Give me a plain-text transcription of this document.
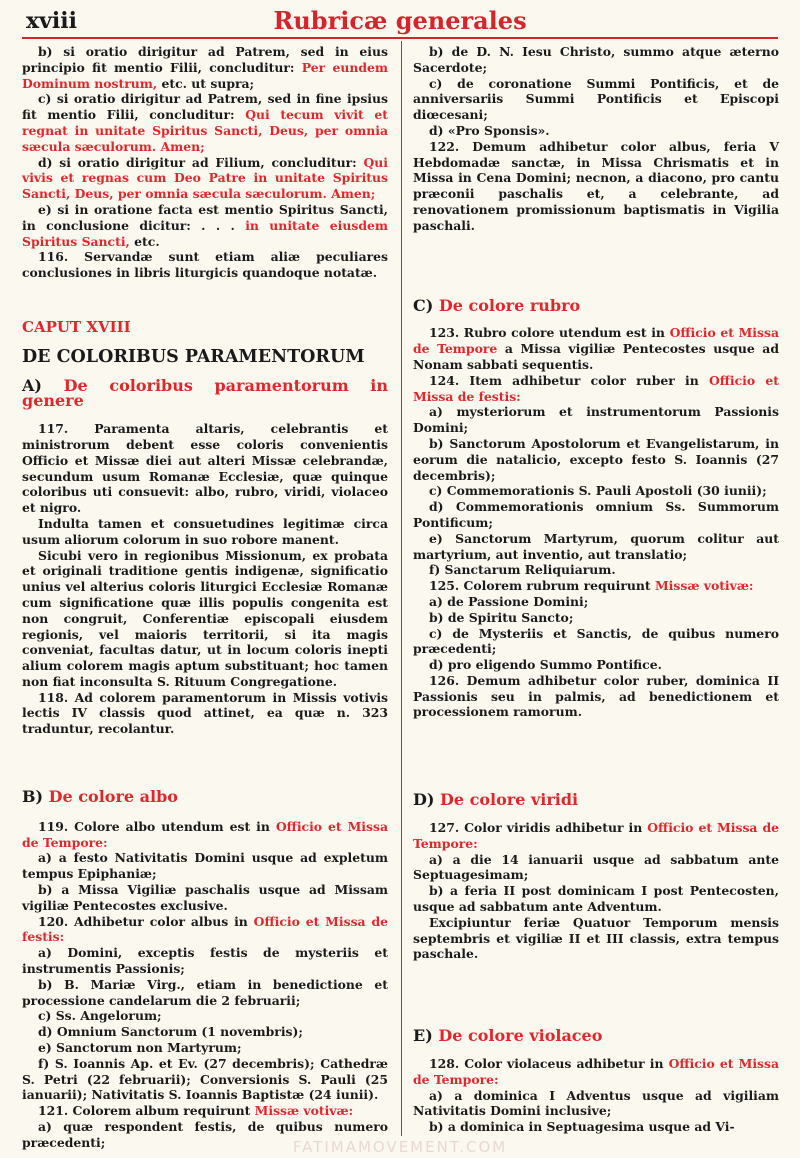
xviii	Rubricæ generales

b) si oratio dirigitur ad Patrem, sed in eius principio fit mentio Filii, concluditur: Per eundem Dominum nostrum, etc. ut supra;

c) si oratio dirigitur ad Patrem, sed in fine ipsius fit mentio Filii, concluditur: Qui tecum vivit et regnat in unitate Spiritus Sancti, Deus, per omnia sæcula sæculorum. Amen;

d) si oratio dirigitur ad Filium, concluditur: Qui vivis et regnas cum Deo Patre in unitate Spiritus Sancti, Deus, per omnia sæcula sæculorum. Amen;

e) si in oratione facta est mentio Spiritus Sancti, in conclusione dicitur: . . . in unitate eiusdem Spiritus Sancti, etc.

116. Servandæ sunt etiam aliæ peculiares conclusiones in libris liturgicis quandoque notatæ.

CAPUT XVIII

DE COLORIBUS PARAMENTORUM

A) De coloribus paramentorum in genere

117. Paramenta altaris, celebrantis et ministrorum debent esse coloris convenientis Officio et Missæ diei aut alteri Missæ celebrandæ, secundum usum Romanæ Ecclesiæ, quæ quinque coloribus uti consuevit: albo, rubro, viridi, violaceo et nigro.

Indulta tamen et consuetudines legitimæ circa usum aliorum colorum in suo robore manent.

Sicubi vero in regionibus Missionum, ex probata et originali traditione gentis indigenæ, significatio unius vel alterius coloris liturgici Ecclesiæ Romanæ cum significatione quæ illis populis congenita est non congruit, Conferentiæ episcopali eiusdem regionis, vel maioris territorii, si ita magis conveniat, facultas datur, ut in locum coloris inepti alium colorem magis aptum substituant; hoc tamen non fiat inconsulta S. Rituum Congregatione.

118. Ad colorem paramentorum in Missis votivis lectis IV classis quod attinet, ea quæ n. 323 traduntur, recolantur.

B) De colore albo

119. Colore albo utendum est in Officio et Missa de Tempore:

a) a festo Nativitatis Domini usque ad expletum tempus Epiphaniæ;

b) a Missa Vigiliæ paschalis usque ad Missam vigiliæ Pentecostes exclusive.

120. Adhibetur color albus in Officio et Missa de festis:

a) Domini, exceptis festis de mysteriis et instrumentis Passionis;

b) B. Mariæ Virg., etiam in benedictione et processione candelarum die 2 februarii;

c) Ss. Angelorum;

d) Omnium Sanctorum (1 novembris);

e) Sanctorum non Martyrum;

f) S. Ioannis Ap. et Ev. (27 decembris); Cathedræ S. Petri (22 februarii); Conversionis S. Pauli (25 ianuarii); Nativitatis S. Ioannis Baptistæ (24 iunii).

121. Colorem album requirunt Missæ votivæ:

a) quæ respondent festis, de quibus numero præcedenti;

b) de D. N. Iesu Christo, summo atque æterno Sacerdote;

c) de coronatione Summi Pontificis, et de anniversariis Summi Pontificis et Episcopi diœcesani;

d) «Pro Sponsis».

122. Demum adhibetur color albus, feria V Hebdomadæ sanctæ, in Missa Chrismatis et in Missa in Cena Domini; necnon, a diacono, pro cantu præconii paschalis et, a celebrante, ad renovationem promissionum baptismatis in Vigilia paschali.

C) De colore rubro

123. Rubro colore utendum est in Officio et Missa de Tempore a Missa vigiliæ Pentecostes usque ad Nonam sabbati sequentis.

124. Item adhibetur color ruber in Officio et Missa de festis:

a) mysteriorum et instrumentorum Passionis Domini;

b) Sanctorum Apostolorum et Evangelistarum, in eorum die natalicio, excepto festo S. Ioannis (27 decembris);

c) Commemorationis S. Pauli Apostoli (30 iunii);

d) Commemorationis omnium Ss. Summorum Pontificum;

e) Sanctorum Martyrum, quorum colitur aut martyrium, aut inventio, aut translatio;

f) Sanctarum Reliquiarum.

125. Colorem rubrum requirunt Missæ votivæ:

a) de Passione Domini;

b) de Spiritu Sancto;

c) de Mysteriis et Sanctis, de quibus numero præcedenti;

d) pro eligendo Summo Pontifice.

126. Demum adhibetur color ruber, dominica II Passionis seu in palmis, ad benedictionem et processionem ramorum.

D) De colore viridi

127. Color viridis adhibetur in Officio et Missa de Tempore:

a) a die 14 ianuarii usque ad sabbatum ante Septuagesimam;

b) a feria II post dominicam I post Pentecosten, usque ad sabbatum ante Adventum.

Excipiuntur feriæ Quatuor Temporum mensis septembris et vigiliæ II et III classis, extra tempus paschale.

E) De colore violaceo

128. Color violaceus adhibetur in Officio et Missa de Tempore:

a) a dominica I Adventus usque ad vigiliam Nativitatis Domini inclusive;

b) a dominica in Septuagesima usque ad Vi-

FATIMAMOVEMENT.COM
